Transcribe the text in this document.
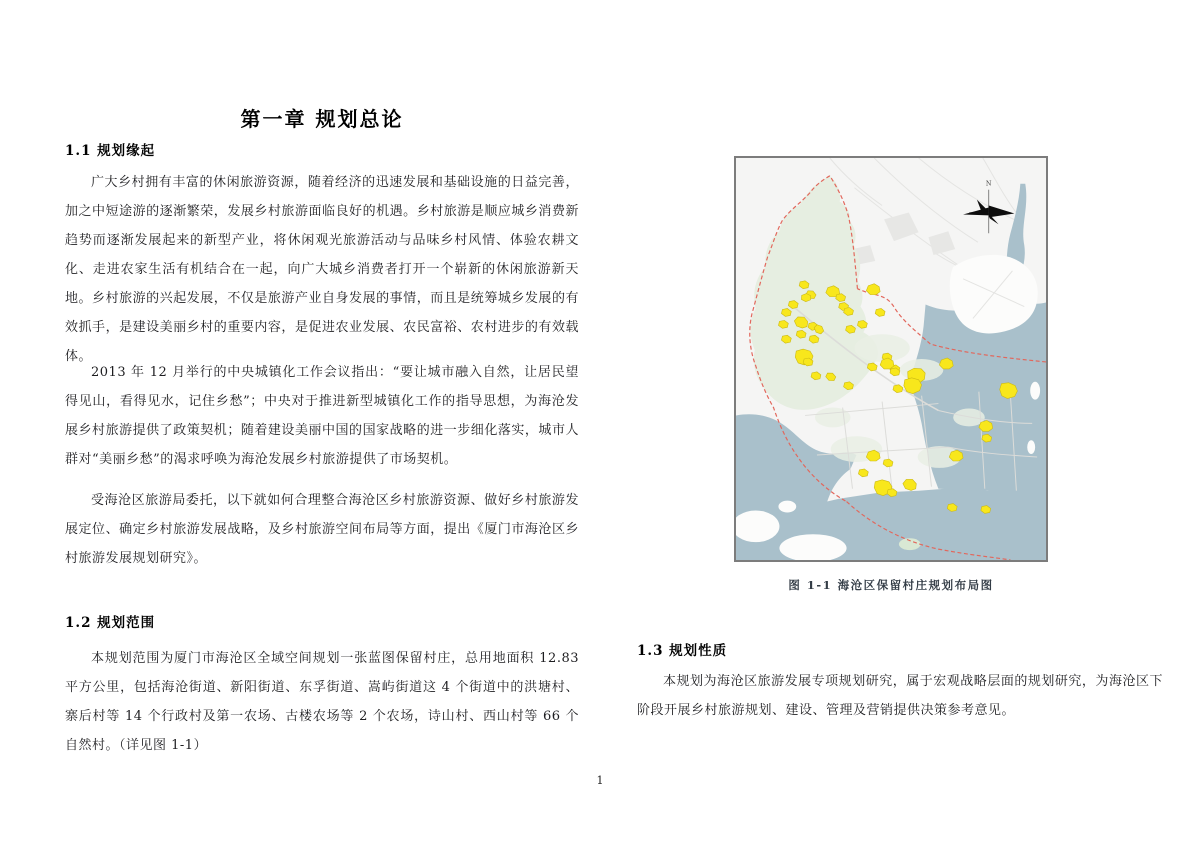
第一章 规划总论
1.1 规划缘起
广大乡村拥有丰富的休闲旅游资源，随着经济的迅速发展和基础设施的日益完善，加之中短途游的逐渐繁荣，发展乡村旅游面临良好的机遇。乡村旅游是顺应城乡消费新趋势而逐渐发展起来的新型产业，将休闲观光旅游活动与品味乡村风情、体验农耕文化、走进农家生活有机结合在一起，向广大城乡消费者打开一个崭新的休闲旅游新天地。乡村旅游的兴起发展，不仅是旅游产业自身发展的事情，而且是统筹城乡发展的有效抓手，是建设美丽乡村的重要内容，是促进农业发展、农民富裕、农村进步的有效载体。
2013 年 12 月举行的中央城镇化工作会议指出：“要让城市融入自然，让居民望得见山，看得见水，记住乡愁”；中央对于推进新型城镇化工作的指导思想，为海沧发展乡村旅游提供了政策契机；随着建设美丽中国的国家战略的进一步细化落实，城市人群对“美丽乡愁”的渴求呼唤为海沧发展乡村旅游提供了市场契机。
受海沧区旅游局委托，以下就如何合理整合海沧区乡村旅游资源、做好乡村旅游发展定位、确定乡村旅游发展战略，及乡村旅游空间布局等方面，提出《厦门市海沧区乡村旅游发展规划研究》。
1.2 规划范围
本规划范围为厦门市海沧区全域空间规划一张蓝图保留村庄，总用地面积 12.83 平方公里，包括海沧街道、新阳街道、东孚街道、嵩屿街道这 4 个街道中的洪塘村、寨后村等 14 个行政村及第一农场、古楼农场等 2 个农场，诗山村、西山村等 66 个自然村。（详见图 1-1）
N
图 1-1 海沧区保留村庄规划布局图
1.3 规划性质
本规划为海沧区旅游发展专项规划研究，属于宏观战略层面的规划研究，为海沧区下阶段开展乡村旅游规划、建设、管理及营销提供决策参考意见。
1
